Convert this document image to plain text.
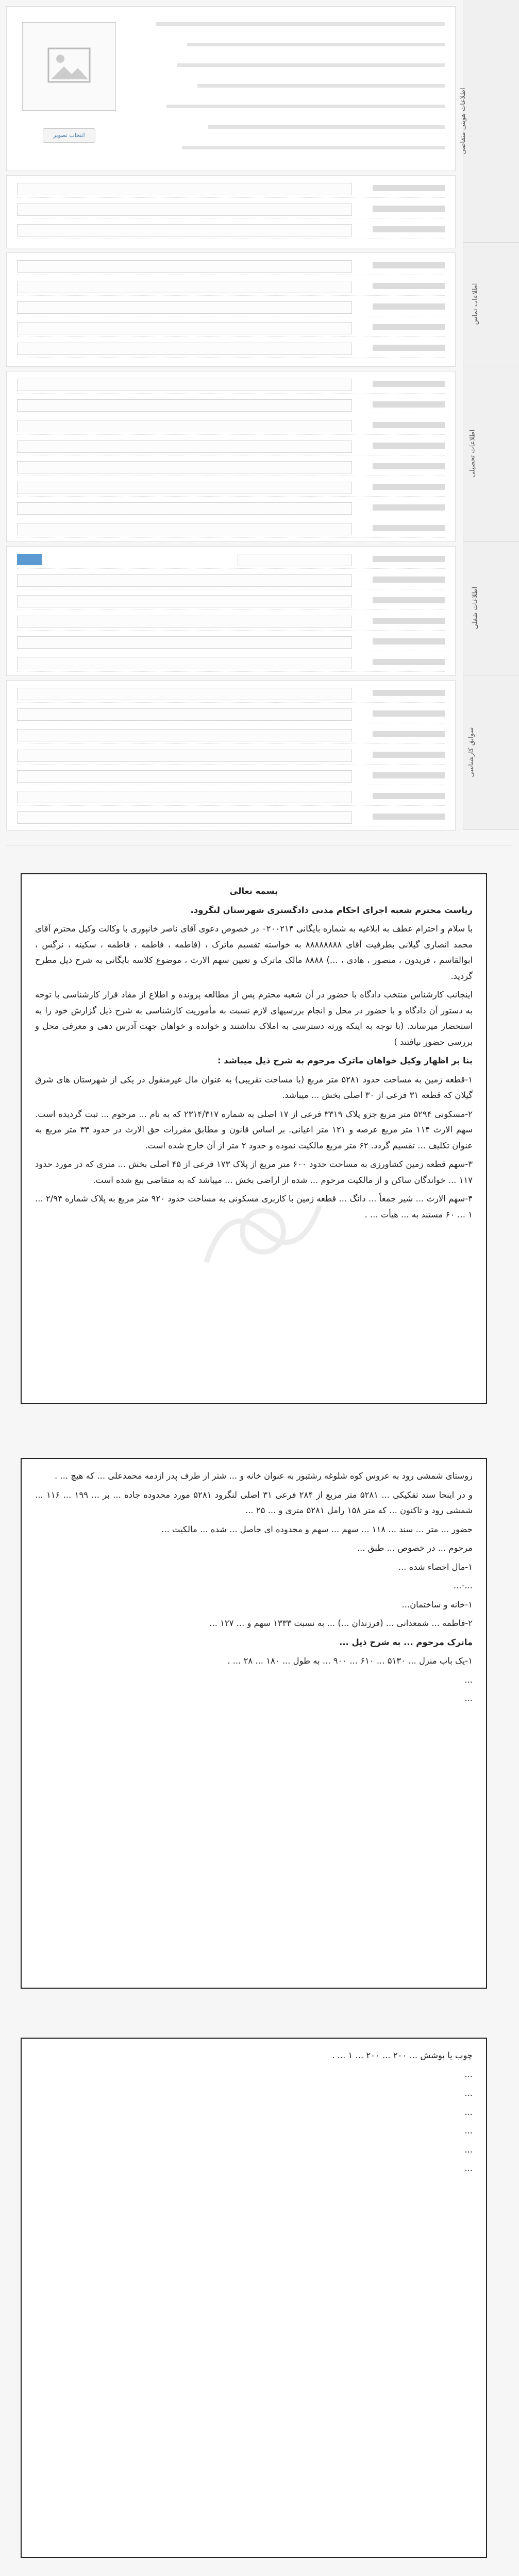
اطلاعات هویتی متقاضی
اطلاعات تماس
اطلاعات تحصیلی
اطلاعات شغلی
سوابق کارشناسی
انتخاب تصویر

بسمه تعالی

ریاست محترم شعبه اجرای احکام مدنی دادگستری شهرستان لنگرود.

با سلام و احترام عطف به ابلاغیه به شماره بایگانی ۰۲۰۰۲۱۴ در خصوص دعوی آقای ناصر خانپوری با وکالت وکیل محترم آقای محمد انصاری گیلانی بطرفیت آقای ۸۸۸۸۸۸۸۸ به خواسته تقسیم ماترک ، (فاطمه ، فاطمه ، فاطمه ، سکینه ، نرگس ، ابوالقاسم ، فریدون ، منصور ، هادی ، ...) ۸۸۸۸ مالک ماترک و تعیین سهم الارث ، موضوع کلاسه بایگانی به شرح ذیل مطرح گردید.

اینجانب کارشناس منتخب دادگاه با حضور در آن شعبه محترم پس از مطالعه پرونده و اطلاع از مفاد قرار کارشناسی با توجه به دستور آن دادگاه و با حضور در محل و انجام بررسیهای لازم نسبت به مأموریت کارشناسی به شرح ذیل گزارش خود را به استحضار میرساند. (با توجه به اینکه ورثه دسترسی به املاک نداشتند و خوانده و خواهان جهت آدرس دهی و معرفی محل و بررسی حضور نیافتند )

بنا بر اظهار وکیل خواهان ماترک مرحوم به شرح ذیل میباشد :

۱-قطعه زمین به مساحت حدود ۵۲۸۱ متر مربع (با مساحت تقریبی) به عنوان مال غیرمنقول در یکی از شهرستان های شرق گیلان که قطعه ۳۱ فرعی از ۳۰ اصلی بخش ... میباشد.

۲-مسکونی ۵۲۹۴ متر مربع جزو پلاک ۳۳۱۹ فرعی از ۱۷ اصلی به شماره ۲۳۱۴/۳۱۷ که به نام ... مرحوم ... ثبت گردیده است. سهم الارث ۱۱۴ متر مربع عرصه و ۱۲۱ متر اعیانی. بر اساس قانون و مطابق مقررات حق الارث در حدود ۳۳ متر مربع به عنوان تکلیف ... تقسیم گردد. ۶۲ متر مربع مالکیت نموده و حدود ۲ متر از آن خارج شده است.

۳-سهم قطعه زمین کشاورزی به مساحت حدود ۶۰۰ متر مربع از پلاک ۱۷۳ فرعی از ۴۵ اصلی بخش ... متری که در مورد حدود ۱۱۷ ... خواندگان ساکن و از مالکیت مرحوم ... شده از اراضی بخش ... میباشد که به متقاضی بیع شده است.

۴-سهم الارث ... شیر جمعاً ... دانگ ... قطعه زمین با کاربری مسکونی به مساحت حدود ۹۲۰ متر مربع به پلاک شماره ۲/۹۴ ... ۱ ... ۶۰ مستند به ... هیأت ... .

روستای شمشی رود به عروس کوه شلوغه رشتبور به عنوان خانه و ... شتر از طرف پدر ازدمه محمدعلی ... که هیچ ... .

و در اینجا سند تفکیکی ... ۵۲۸۱ متر مربع از ۲۸۴ فرعی ۳۱ اصلی لنگرود ۵۲۸۱ مورد محدوده جاده ... بر ... ۱۹۹ ... ۱۱۶ ... شمشی رود و تاکنون ... که متر ۱۵۸ رامل ۵۲۸۱ متری و ... ۲۵ ...

حضور ... متر ... سند ... ۱۱۸ ... سهم ... سهم و محدوده ای حاصل ... شده ... مالکیت ...

مرحوم ... در خصوص ... طبق ...

۱-مال احصاء شده ...

...-...

۱-خانه و ساختمان...

۲-فاطمه ... شمعدانی ... (فرزندان ...) ... به نسبت ۱۳۳۳ سهم و ... ۱۲۷ ...

ماترک مرحوم ... به شرح ذیل ...

۱-یک باب منزل ... ۵۱۳۰ ... ۶۱۰ ... ۹۰۰ ... به طول ... ۱۸۰ ... ۲۸ ... .

...

...

چوب یا پوشش ... ۲۰۰ ... ۲۰۰ ... ۱ ... .

...

...

...

...

...

...
